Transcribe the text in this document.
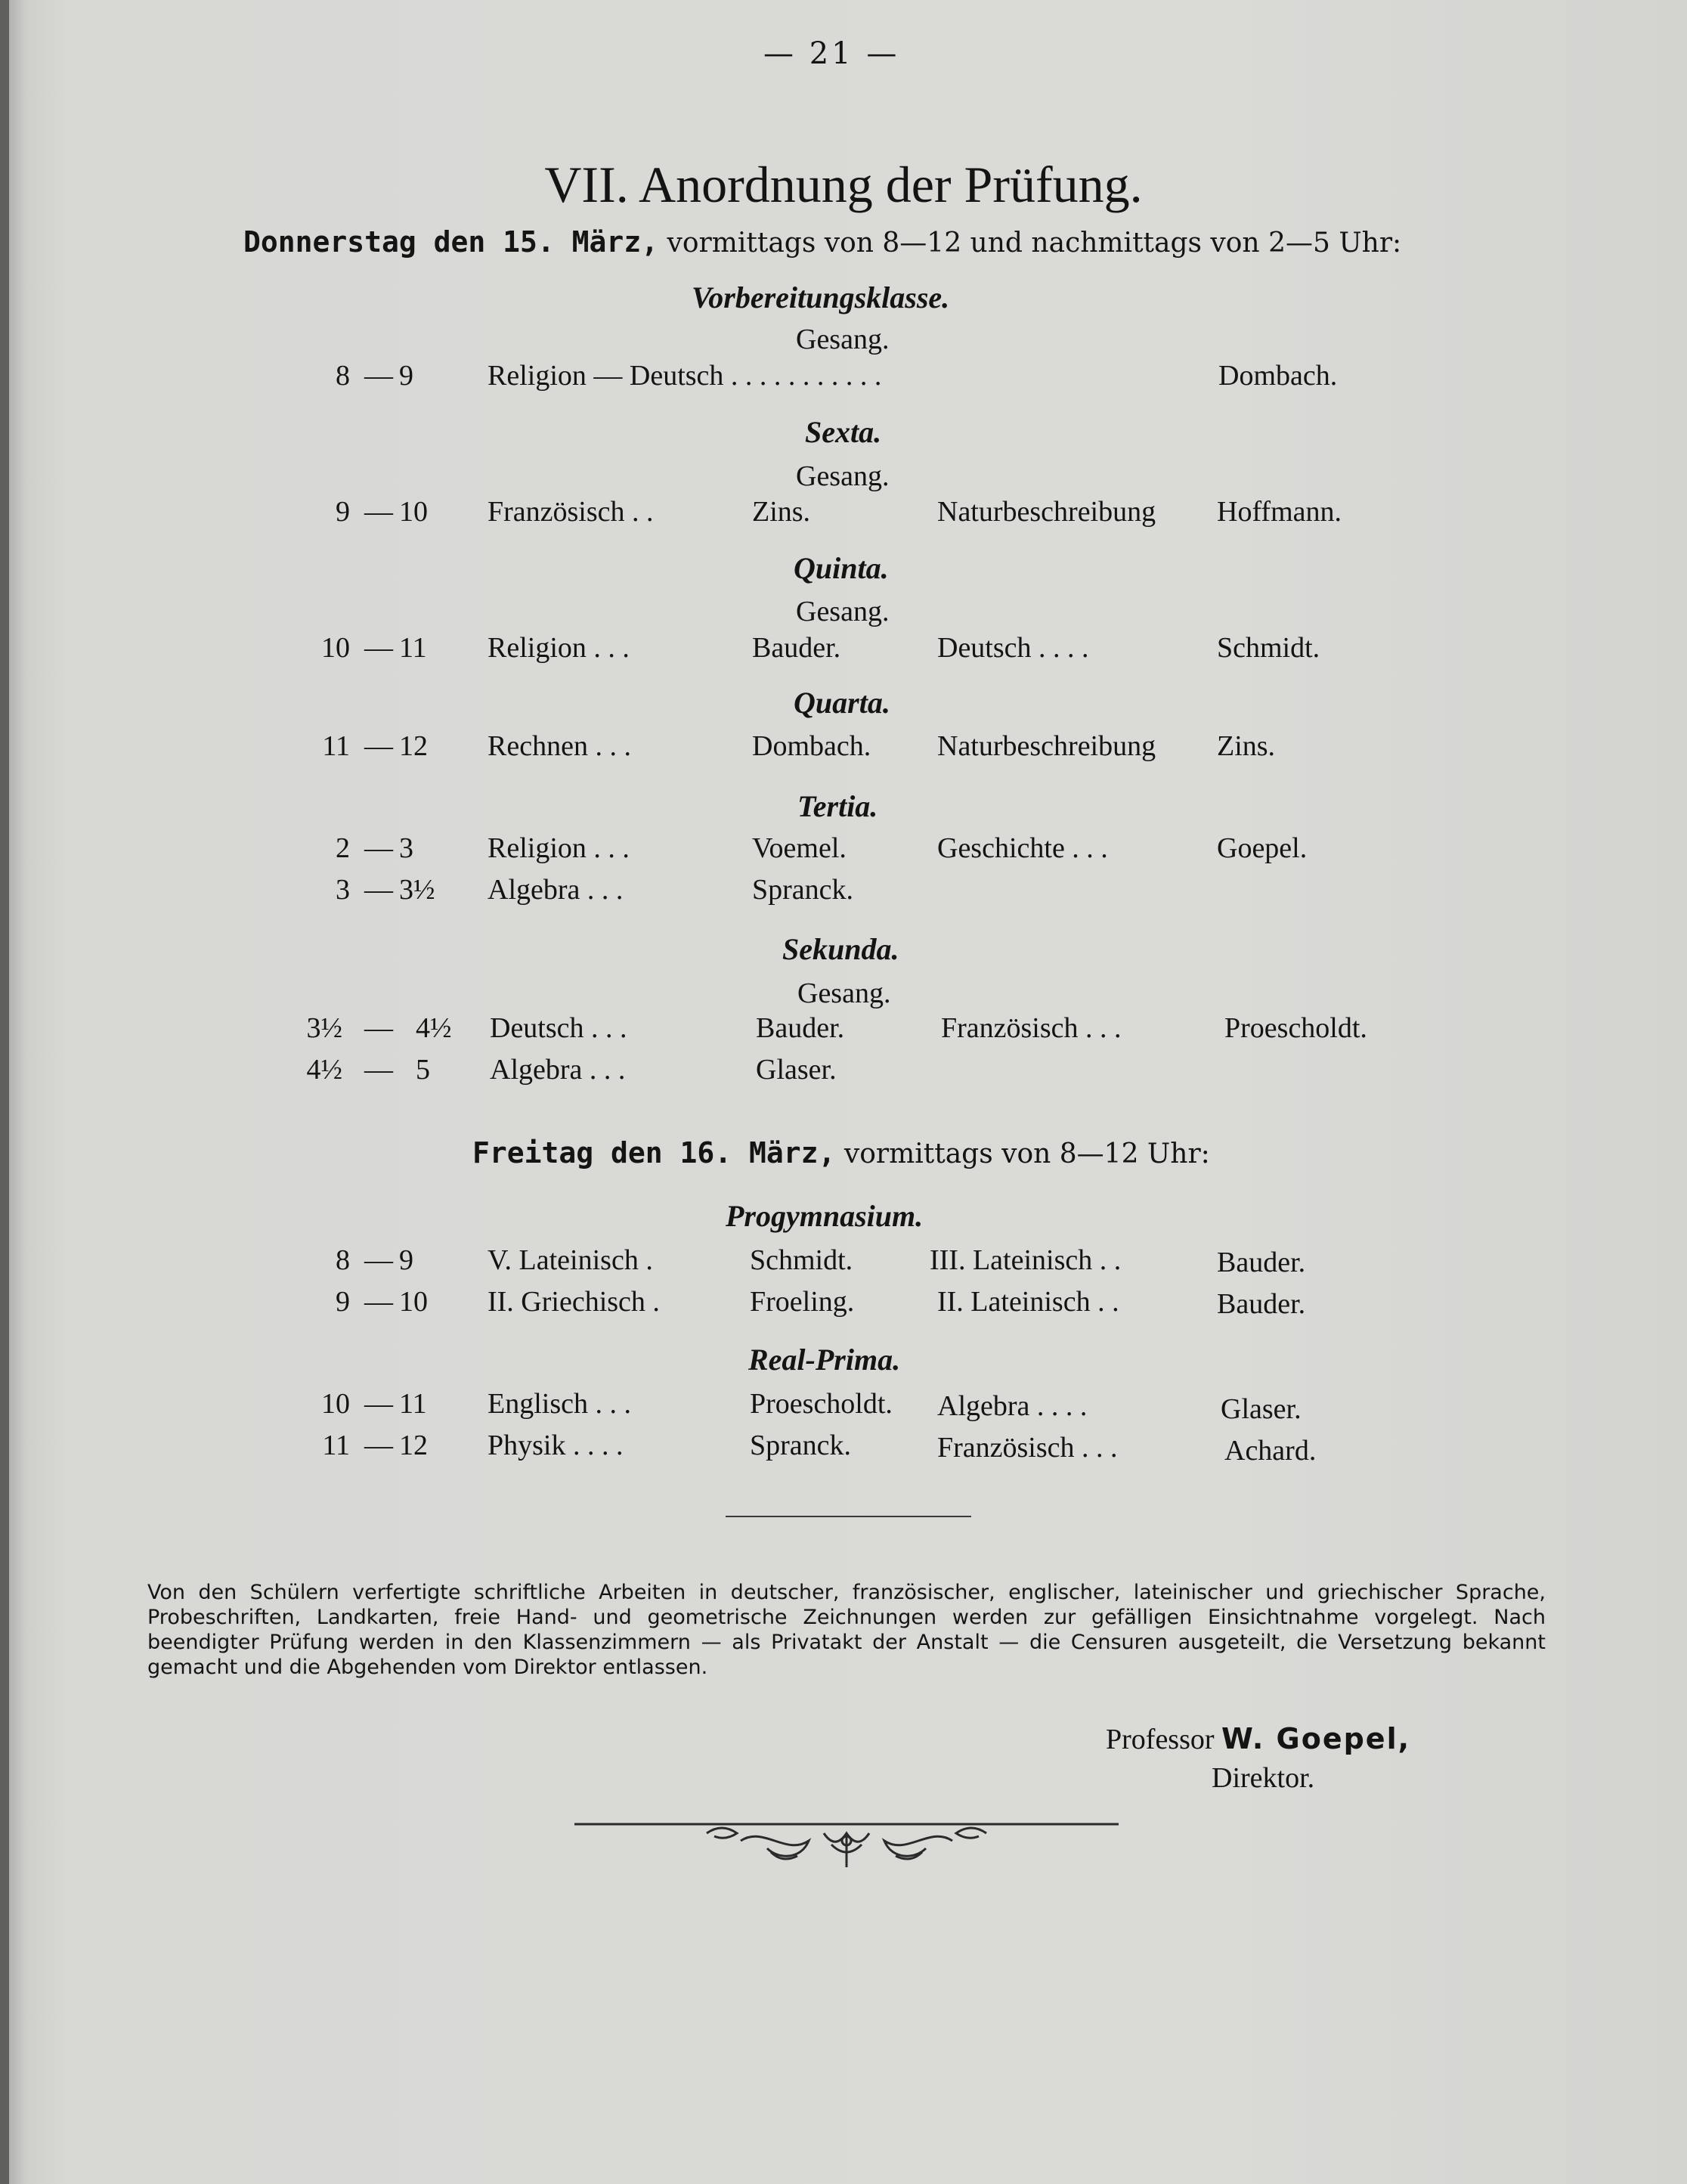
— 21 —
VII. Anordnung der Prüfung.
Donnerstag den 15. März, vormittags von 8—12 und nachmittags von 2—5 Uhr:
Vorbereitungsklasse.
Gesang.
8 — 9	Religion — Deutsch . . . . . . . . . . .	Dombach.
Sexta.
Gesang.
9 — 10 Französisch . .	Zins.	Naturbeschreibung Hoffmann.
Quinta.
Gesang.
10 — 11	Religion . . .	Bauder.	Deutsch . . . .	Schmidt.
Quarta.
11 — 12 Rechnen . . .	Dombach. Naturbeschreibung Zins.
Tertia.
2 — 3	Religion . . .	Voemel.	Geschichte . . .	Goepel.
3 — 3½ Algebra . . .	Spranck.
Sekunda.
Gesang.
3½ — 4½ Deutsch . . .	Bauder.	Französisch . . .	Proescholdt.
4½ — 5	Algebra . . .	Glaser.
Freitag den 16. März, vormittags von 8—12 Uhr:
Progymnasium.
8 — 9	V. Lateinisch .	Schmidt.	III. Lateinisch . .	Bauder.
9 — 10 II. Griechisch .	Froeling.	II. Lateinisch . .	Bauder.
Real-Prima.
10 — 11	Englisch . . .	Proescholdt. Algebra . . . .	Glaser.
11 — 12 Physik . . . .	Spranck.	Französisch . . .	Achard.
Von den Schülern verfertigte schriftliche Arbeiten in deutscher, französischer, englischer, lateinischer und griechischer Sprache, Probeschriften, Landkarten, freie Hand- und geometrische Zeichnungen werden zur gefälligen Einsichtnahme vorgelegt. Nach beendigter Prüfung werden in den Klassenzimmern — als Privatakt der Anstalt — die Censuren ausgeteilt, die Versetzung bekannt gemacht und die Abgehenden vom Direktor entlassen.
Professor W. Goepel,
Direktor.
